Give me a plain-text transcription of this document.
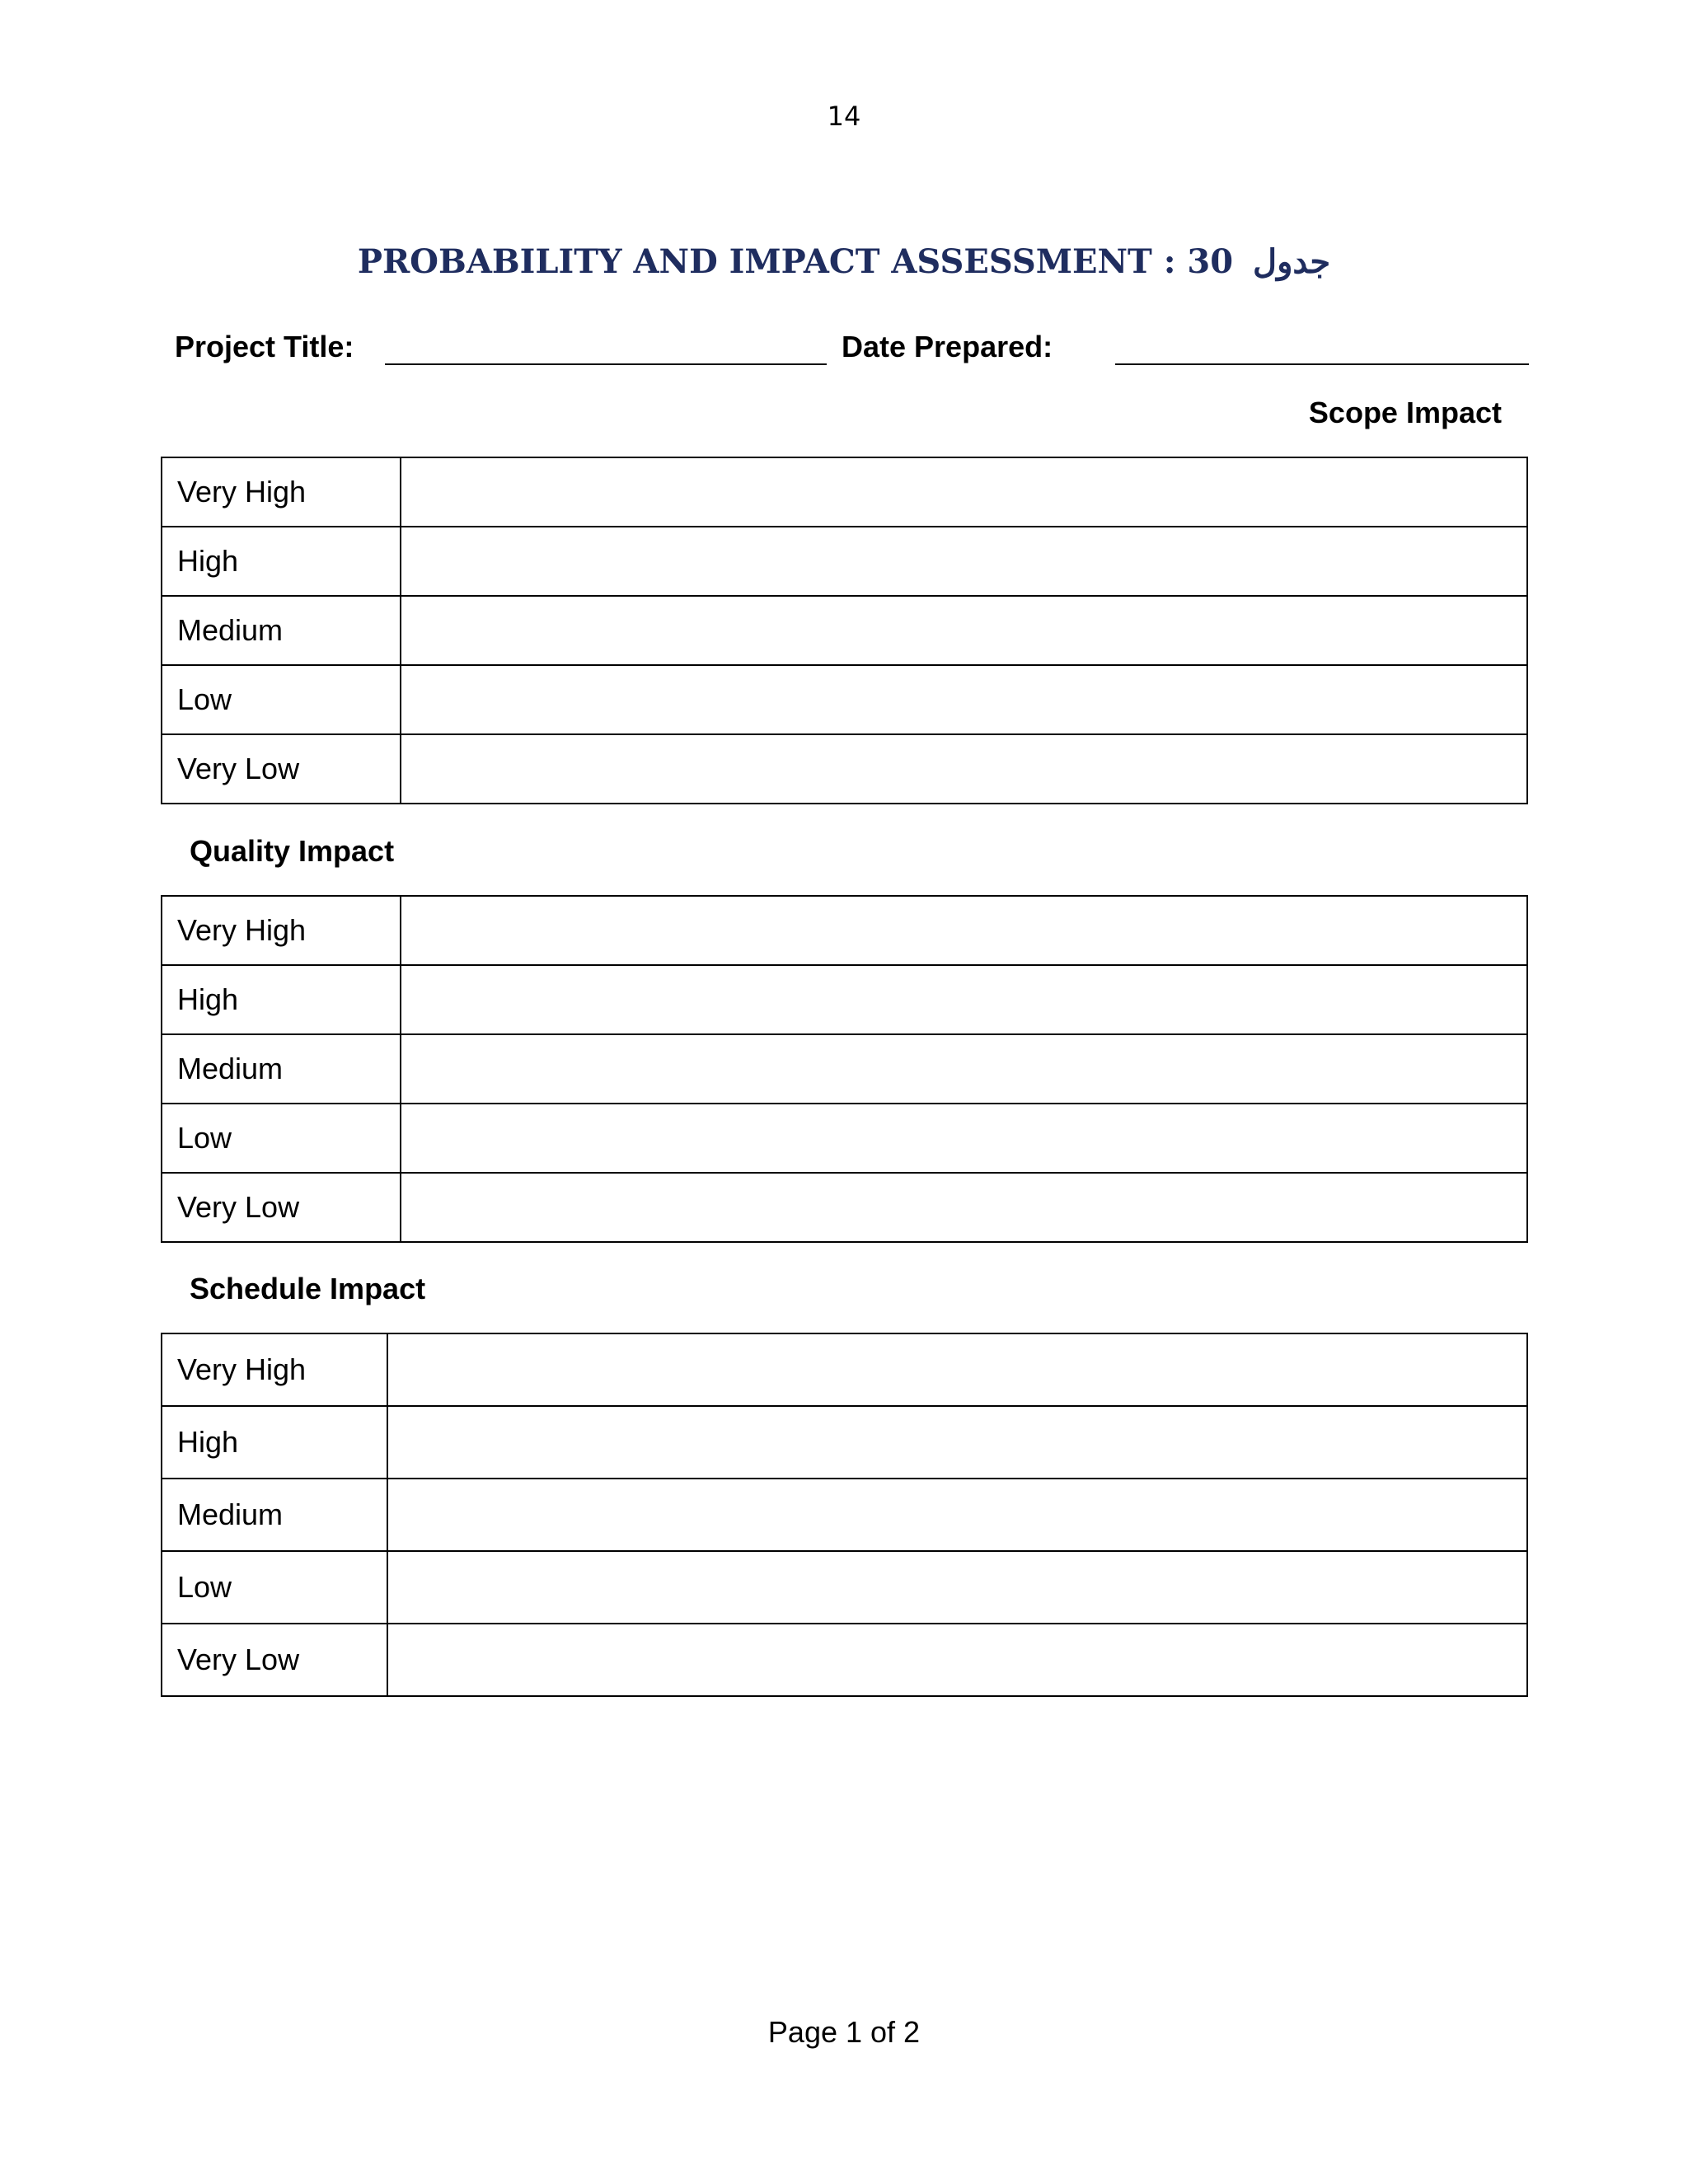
14
PROBABILITY AND IMPACT ASSESSMENT : 30 جدول
Project Title:	Date Prepared:
Scope Impact
Very High	
High	
Medium	
Low	
Very Low	
Quality Impact
Very High	
High	
Medium	
Low	
Very Low	
Schedule Impact
Very High	
High	
Medium	
Low	
Very Low	
Page 1 of 2
